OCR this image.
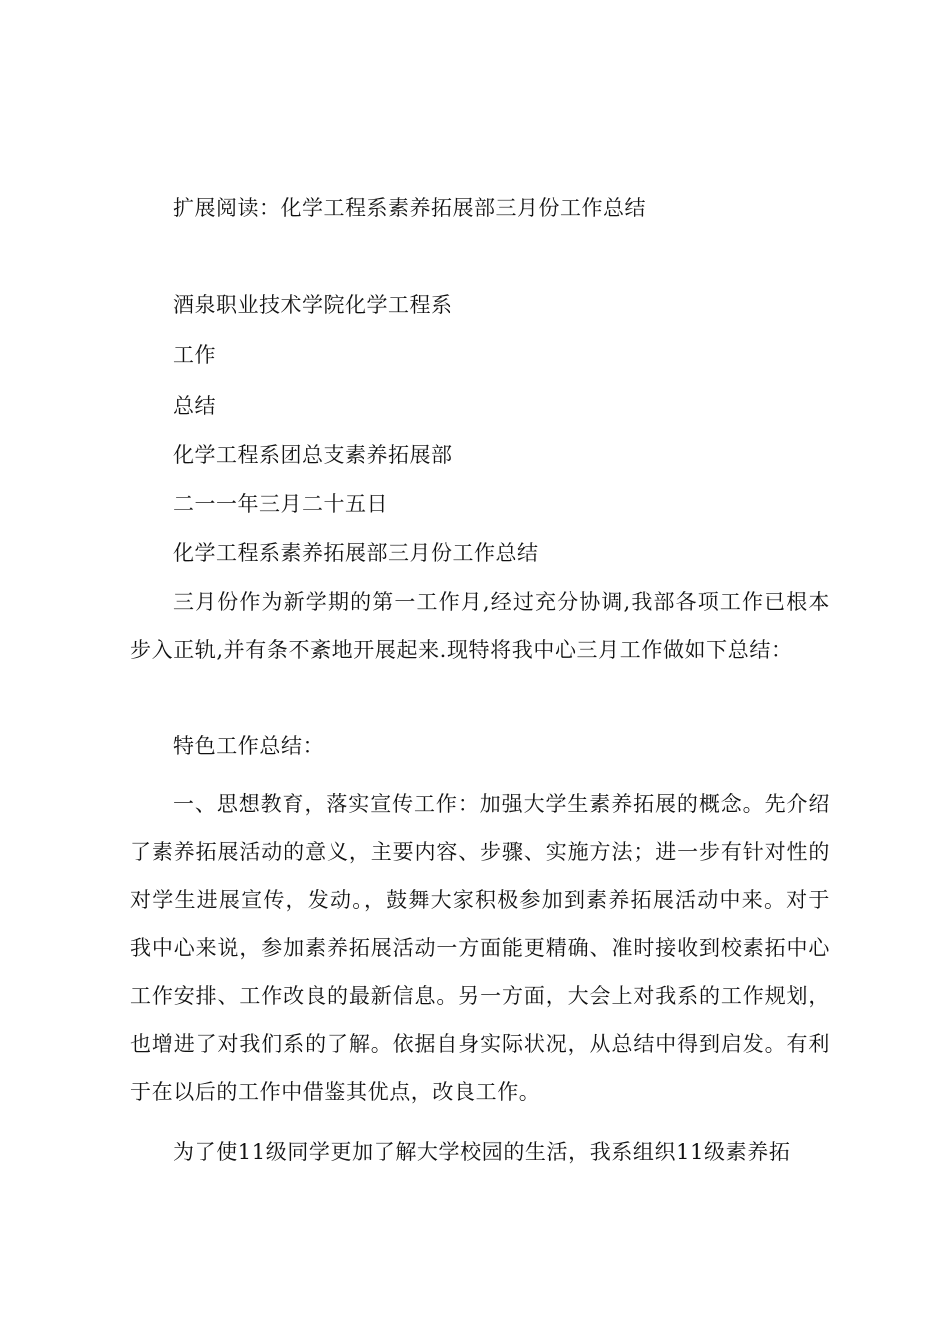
扩展阅读：化学工程系素养拓展部三月份工作总结
酒泉职业技术学院化学工程系
工作
总结
化学工程系团总支素养拓展部
二一一年三月二十五日
化学工程系素养拓展部三月份工作总结

三月份作为新学期的第一工作月,经过充分协调,我部各项工作已根本步入正轨,并有条不紊地开展起来.现特将我中心三月工作做如下总结：

特色工作总结：

一、思想教育，落实宣传工作：加强大学生素养拓展的概念。先介绍了素养拓展活动的意义，主要内容、步骤、实施方法；进一步有针对性的对学生进展宣传，发动。，鼓舞大家积极参加到素养拓展活动中来。对于我中心来说，参加素养拓展活动一方面能更精确、准时接收到校素拓中心工作安排、工作改良的最新信息。另一方面，大会上对我系的工作规划，也增进了对我们系的了解。依据自身实际状况，从总结中得到启发。有利于在以后的工作中借鉴其优点，改良工作。

为了使11级同学更加了解大学校园的生活，我系组织11级素养拓
